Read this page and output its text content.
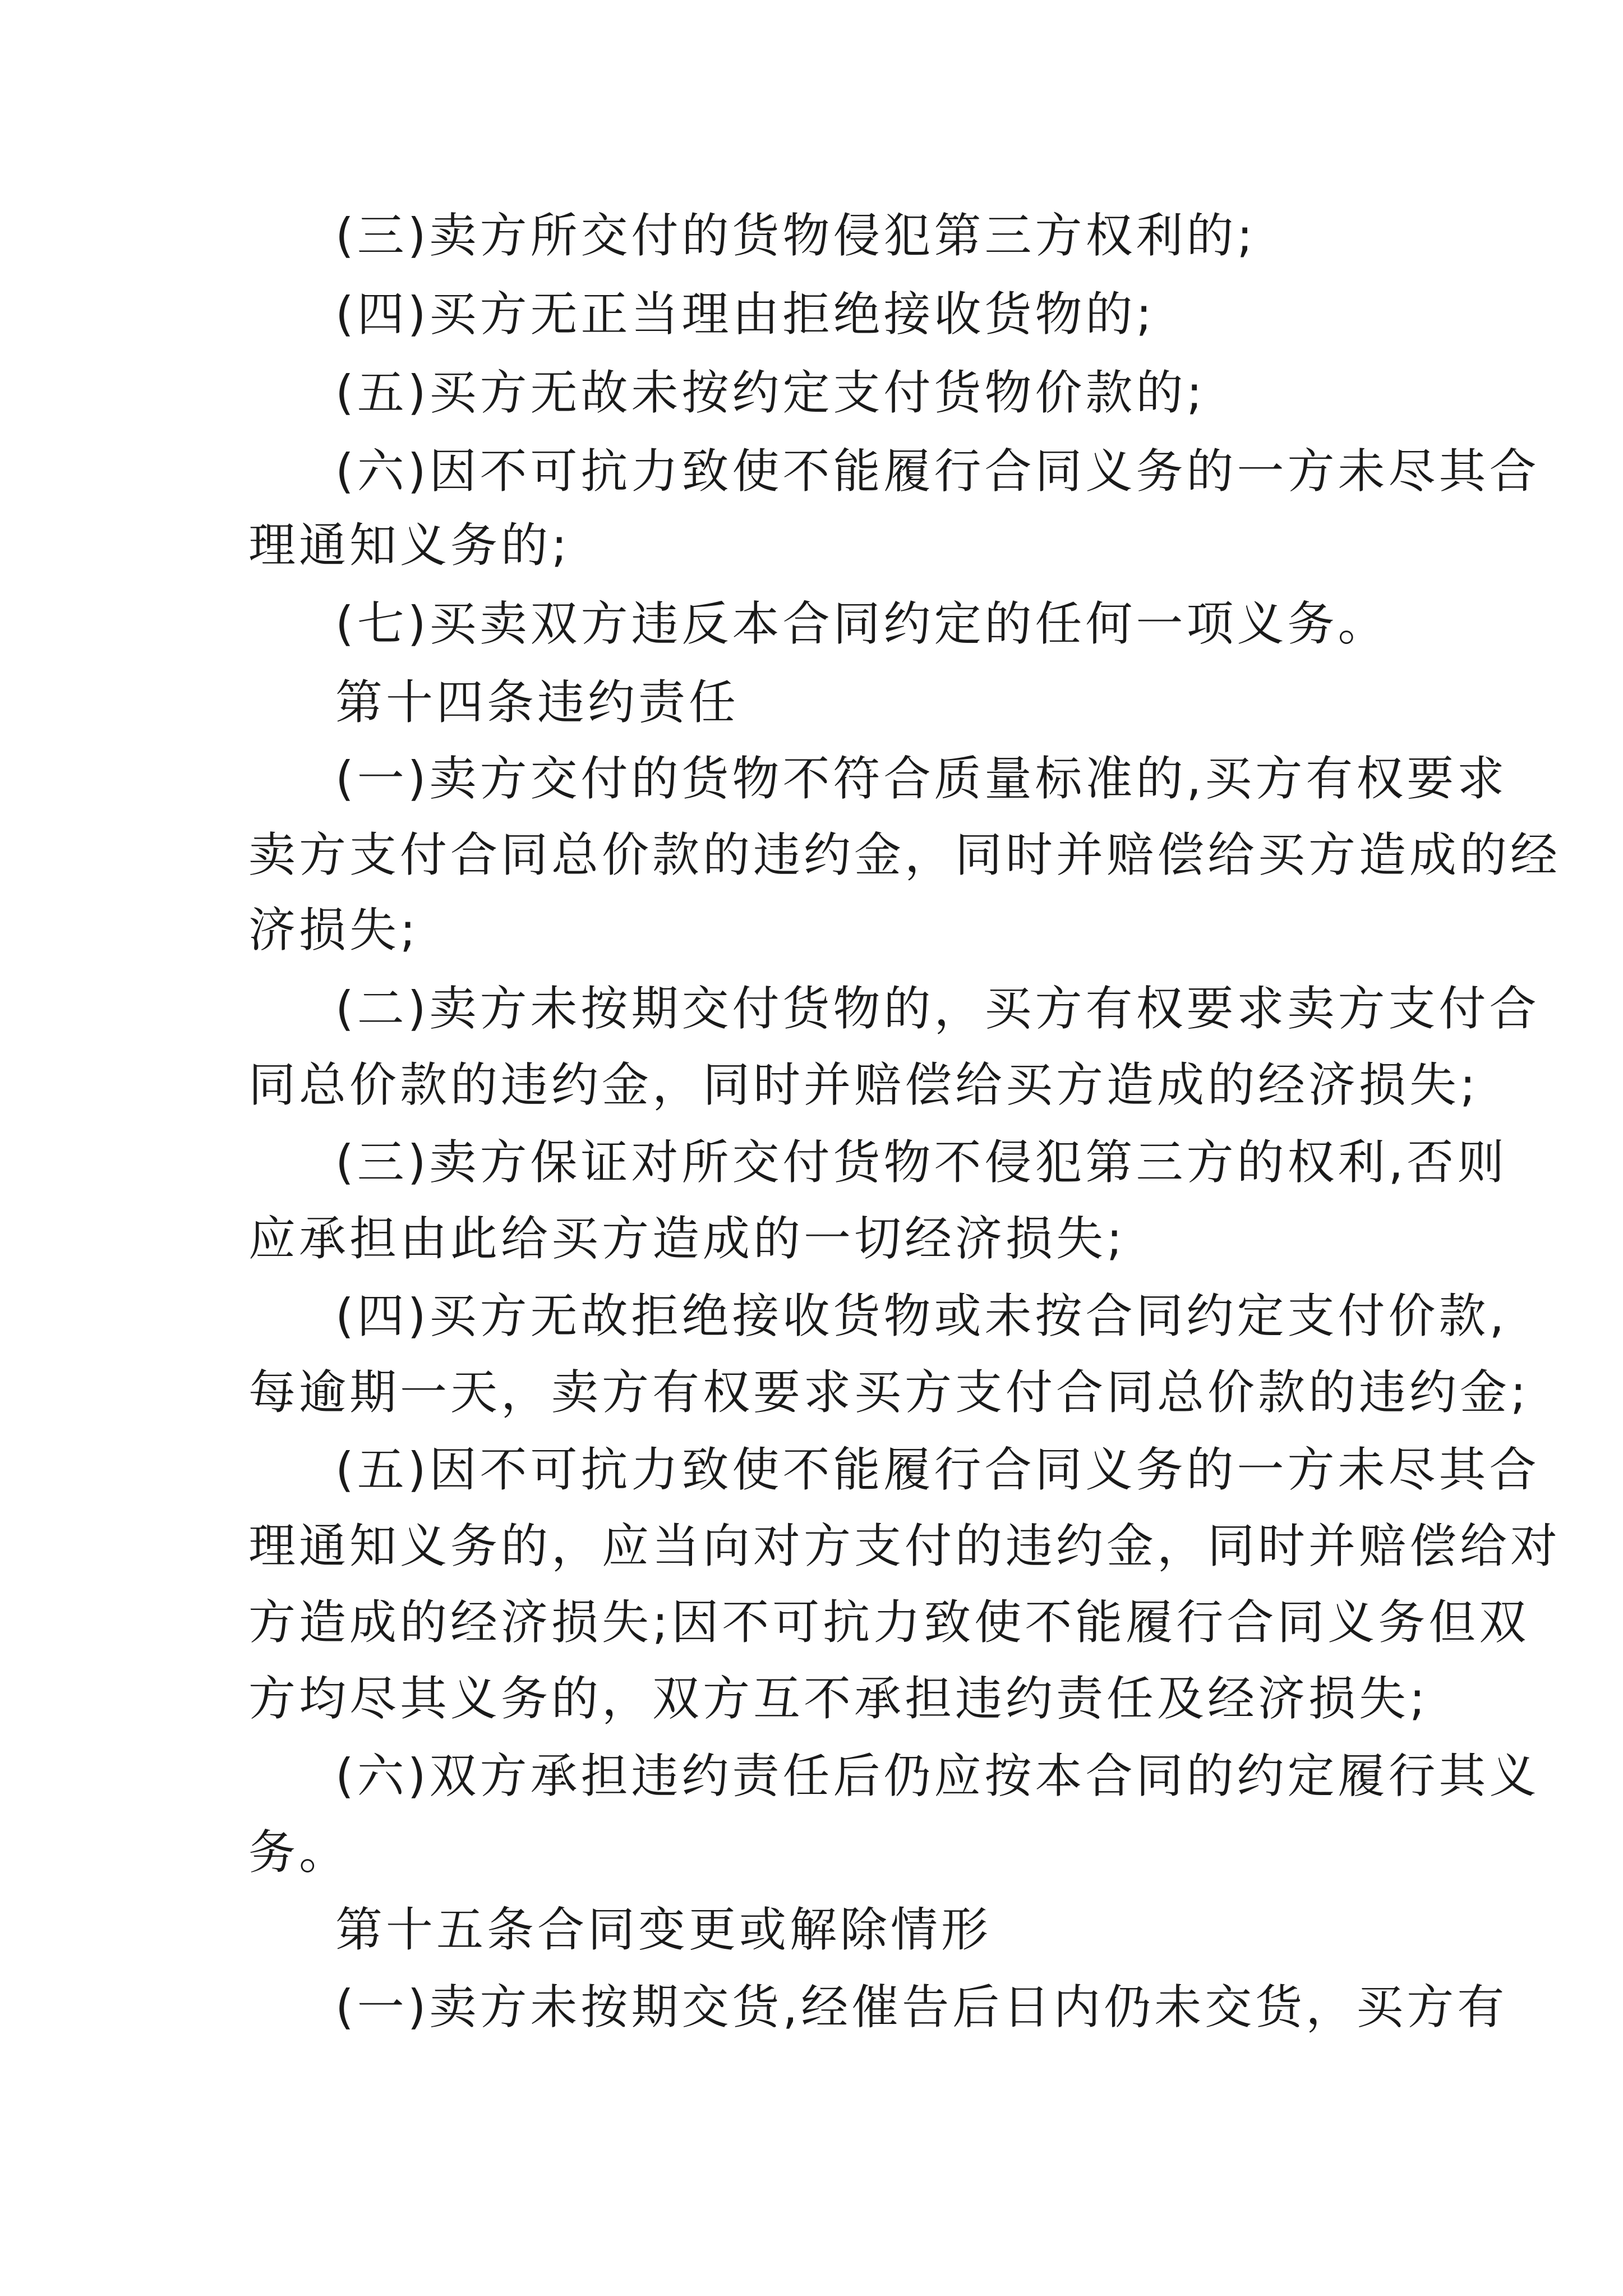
(三)卖方所交付的货物侵犯第三方权利的;
(四)买方无正当理由拒绝接收货物的;
(五)买方无故未按约定支付货物价款的;
(六)因不可抗力致使不能履行合同义务的一方未尽其合
理通知义务的;
(七)买卖双方违反本合同约定的任何一项义务。
第十四条违约责任
(一)卖方交付的货物不符合质量标准的,买方有权要求
卖方支付合同总价款的违约金，同时并赔偿给买方造成的经
济损失;
(二)卖方未按期交付货物的，买方有权要求卖方支付合
同总价款的违约金，同时并赔偿给买方造成的经济损失;
(三)卖方保证对所交付货物不侵犯第三方的权利,否则
应承担由此给买方造成的一切经济损失;
(四)买方无故拒绝接收货物或未按合同约定支付价款,
每逾期一天，卖方有权要求买方支付合同总价款的违约金;
(五)因不可抗力致使不能履行合同义务的一方未尽其合
理通知义务的，应当向对方支付的违约金，同时并赔偿给对
方造成的经济损失;因不可抗力致使不能履行合同义务但双
方均尽其义务的，双方互不承担违约责任及经济损失;
(六)双方承担违约责任后仍应按本合同的约定履行其义
务。
第十五条合同变更或解除情形
(一)卖方未按期交货,经催告后日内仍未交货，买方有
